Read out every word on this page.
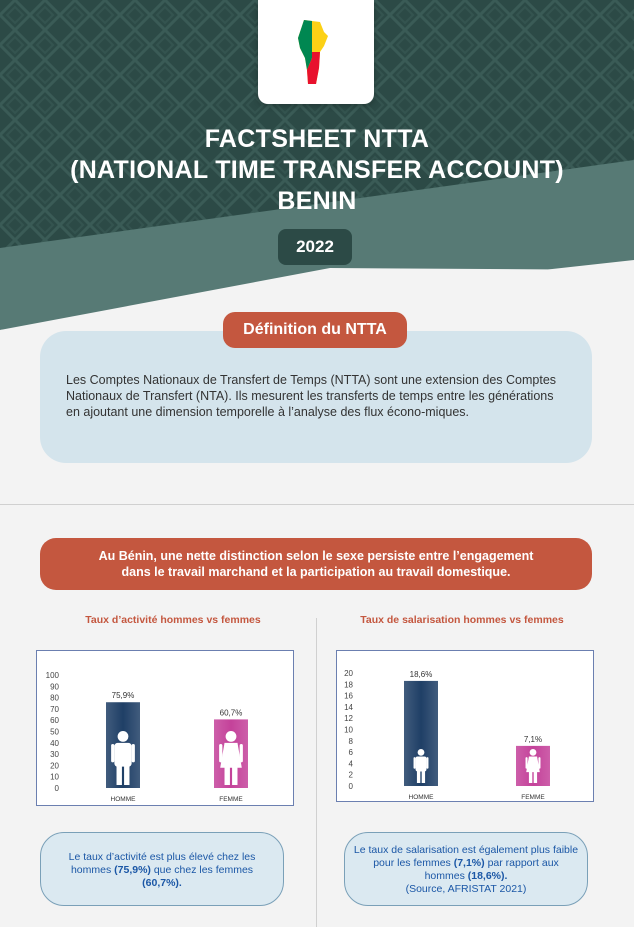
FACTSHEET NTTA
(NATIONAL TIME TRANSFER ACCOUNT)
BENIN
2022
Définition du NTTA
Les Comptes Nationaux de Transfert de Temps (NTTA) sont une extension des Comptes Nationaux de Transfert (NTA). Ils mesurent les transferts de temps entre les générations en ajoutant une dimension temporelle à l’analyse des flux écono-miques.
Au Bénin, une nette distinction selon le sexe persiste entre l’engagement
dans le travail marchand et la participation au travail domestique.
Taux d’activité hommes vs femmes	Taux de salarisation hommes vs femmes
0
10
20
30
40
50
60
70
80
90
100
75,9%
HOMME
60,7%
FEMME
0
2
4
6
8
10
12
14
16
18
20	18,6%
HOMME
7,1%
FEMME
Le taux d’activité est plus élevé chez les hommes (75,9%) que chez les femmes (60,7%).
Le taux de salarisation est également plus faible pour les femmes (7,1%) par rapport aux hommes (18,6%).
(Source, AFRISTAT 2021)
